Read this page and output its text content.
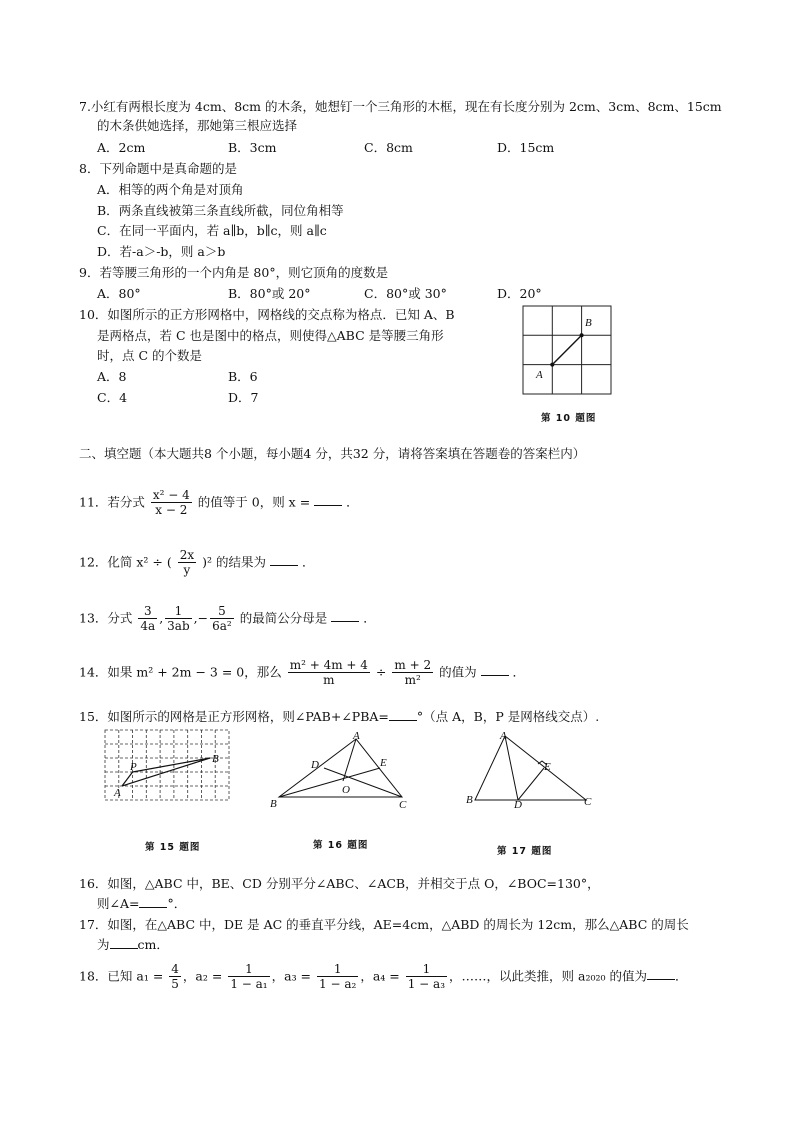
7.小红有两根长度为 4cm、8cm 的木条，她想钉一个三角形的木框，现在有长度分别为 2cm、3cm、8cm、15cm
的木条供她选择，那她第三根应选择
A．2cm	B．3cm	C．8cm	D．15cm
8．下列命题中是真命题的是
A．相等的两个角是对顶角
B．两条直线被第三条直线所截，同位角相等
C．在同一平面内，若 a∥b，b∥c，则 a∥c
D．若-a＞-b，则 a＞b
9．若等腰三角形的一个内角是 80°，则它顶角的度数是
A．80°	B．80°或 20°	C．80°或 30°	D．20°
10．如图所示的正方形网格中，网格线的交点称为格点．已知 A、B
是两格点，若 C 也是图中的格点，则使得△ABC 是等腰三角形
时，点 C 的个数是
A．8	B．6
C．4	D．7
A
B
第 10 题图
二、填空题（本大题共8 个小题，每小题4 分，共32 分，请将答案填在答题卷的答案栏内）
11．若分式 $\frac{\text{x² − 4}}{x - 2}$ 的值等于 0，则 x =	．
12．化简 x² ÷ ( $\frac{2x}{y} )^2$ 的结果为	．
13．分式 $\frac{3}{4a}$ , $\frac{1}{3ab}$ ,− $\frac{5}{\text{6a²}}$ 的最简公分母是	．
14．如果 m² + 2m − 3 = 0，那么 $\frac{\text{m² + 4m + 4}}{m} \div \frac{m + 2}{\text{m²}}$ 的值为	．
15．如图所示的网格是正方形网格，则∠PAB+∠PBA= °（点 A，B，P 是网格线交点）.
P
A
B
第 15 题图
A
B	C
D	E
O
第 16 题图
A
B	C
D
E
第 17 题图
16．如图，△ABC 中，BE、CD 分别平分∠ABC、∠ACB，并相交于点 O，∠BOC=130°，
则∠A= °．
17．如图，在△ABC 中，DE 是 AC 的垂直平分线，AE=4cm，△ABD 的周长为 12cm，那么△ABC 的周长
为 cm．
18．已知 $a_1 = \frac{4}{5}$ ，$a_2 = \frac{1}{\text{1 − a₁}}$ ，$a_3 = \frac{1}{\text{1 − a₂}}$ ，$a_4 = \frac{1}{\text{1 − a₃}}$ ，……，以此类推，则 a₂₀₂₀ 的值为 ．
